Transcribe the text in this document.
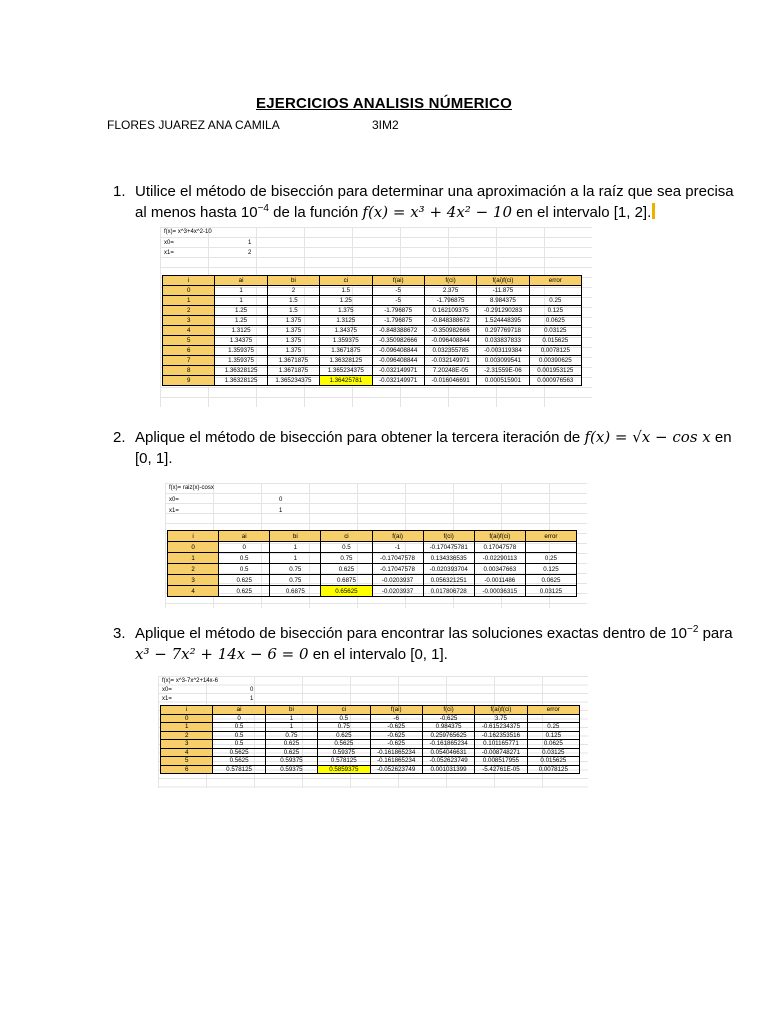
EJERCICIOS ANALISIS NÚMERICO
FLORES JUAREZ ANA CAMILA	3IM2
1. Utilice el método de bisección para determinar una aproximación a la raíz que sea precisa
al menos hasta $10^{-4}$ de la función f(x) = x³ + 4x² − 10 en el intervalo [1, 2].
f(x)= x^3+4x^2-10
x0=	1
x1=	2
i	ai	bi	ci	f(ai)	f(ci)	f(ai)f(ci)	error
0	1	2	1.5	-5	2.375	-11.875	
1	1	1.5	1.25	-5	-1.796875	8.984375	0.25
2	1.25	1.5	1.375	-1.796875	0.162109375	-0.291290283	0.125
3	1.25	1.375	1.3125	-1.796875	-0.848388672	1.524448395	0.0625
4	1.3125	1.375	1.34375	-0.848388672	-0.350982666	0.297769718	0.03125
5	1.34375	1.375	1.359375	-0.350982666	-0.096408844	0.033837833	0.015625
6	1.359375	1.375	1.3671875	-0.096408844	0.032355785	-0.003119384	0.0078125
7	1.359375	1.3671875	1.36328125	-0.096408844	-0.032149971	0.003099541	0.00390625
8	1.36328125	1.3671875	1.365234375	-0.032149971	7.20248E-05	-2.31559E-06	0.001953125
9	1.36328125	1.365234375	1.36425781	-0.032149971	-0.016046691	0.000515901	0.000976563
2. Aplique el método de bisección para obtener la tercera iteración de f(x) = √x − cos x en
[0, 1].
f(x)= raiz(x)-cosx
x0=	0
x1=	1
i	ai	bi	ci	f(ai)	f(ci)	f(ai)f(ci)	error
0	0	1	0.5	-1	-0.170475781	0.17047578	
1	0.5	1	0.75	-0.17047578	0.134336535	-0.02290113	0.25
2	0.5	0.75	0.625	-0.17047578	-0.020393704	0.00347663	0.125
3	0.625	0.75	0.6875	-0.0203937	0.056321251	-0.0011486	0.0625
4	0.625	0.6875	0.65625	-0.0203937	0.017806728	-0.00036315	0.03125
3. Aplique el método de bisección para encontrar las soluciones exactas dentro de $10^{-2}$ para
x³ − 7x² + 14x − 6 = 0 en el intervalo [0, 1].
f(x)= x^3-7x^2+14x-6
x0=	0
x1=	1
i	ai	bi	ci	f(ai)	f(ci)	f(ai)f(ci)	error
0	0	1	0.5	-6	-0.625	3.75	
1	0.5	1	0.75	-0.625	0.984375	-0.615234375	0.25
2	0.5	0.75	0.625	-0.625	0.259765625	-0.162353516	0.125
3	0.5	0.625	0.5625	-0.625	-0.161865234	0.101165771	0.0625
4	0.5625	0.625	0.59375	-0.161865234	0.054046631	-0.008748271	0.03125
5	0.5625	0.59375	0.578125	-0.161865234	-0.052623749	0.008517955	0.015625
6	0.578125	0.59375	0.5859375	-0.052623749	0.001031399	-5.42761E-05	0.0078125
